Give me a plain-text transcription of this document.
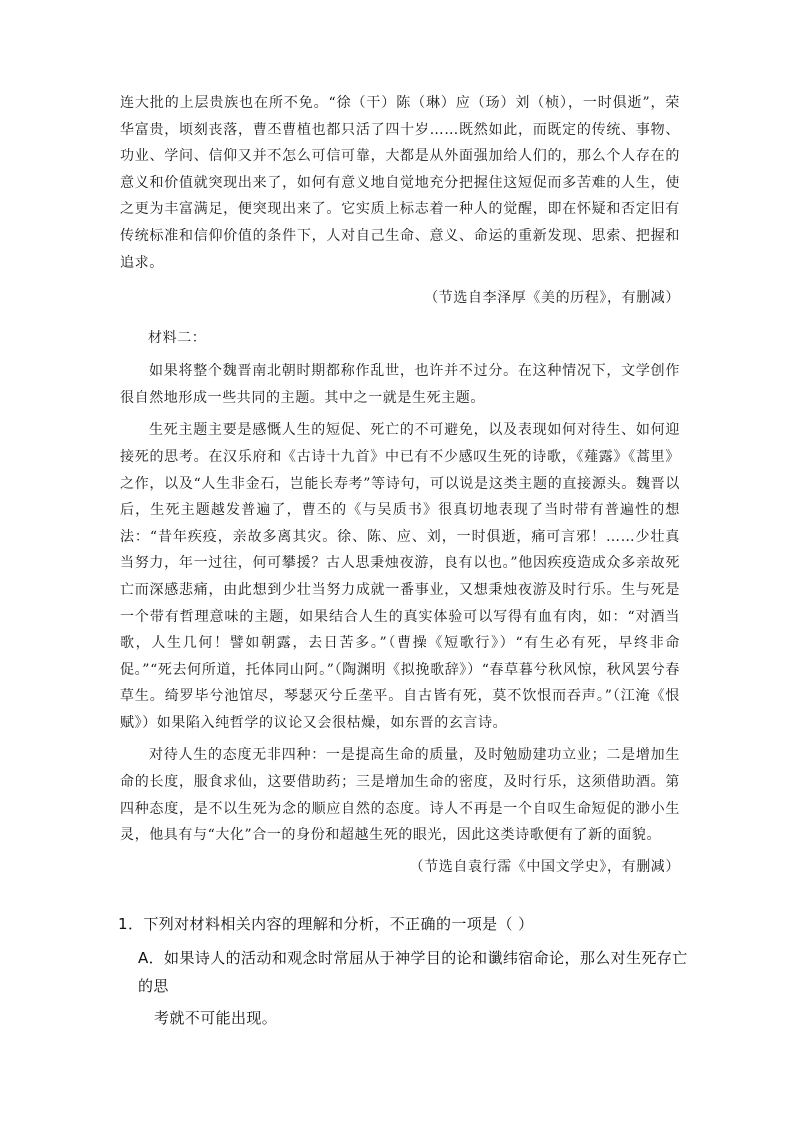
连大批的上层贵族也在所不免。“徐（干）陈（琳）应（玚）刘（桢），一时俱逝”，荣华富贵，顷刻丧落，曹丕曹植也都只活了四十岁……既然如此，而既定的传统、事物、功业、学问、信仰又并不怎么可信可靠，大都是从外面强加给人们的，那么个人存在的意义和价值就突现出来了，如何有意义地自觉地充分把握住这短促而多苦难的人生，使之更为丰富满足，便突现出来了。它实质上标志着一种人的觉醒，即在怀疑和否定旧有传统标准和信仰价值的条件下，人对自己生命、意义、命运的重新发现、思索、把握和追求。

（节选自李泽厚《美的历程》，有删减）

材料二：

如果将整个魏晋南北朝时期都称作乱世，也许并不过分。在这种情况下，文学创作很自然地形成一些共同的主题。其中之一就是生死主题。

生死主题主要是感慨人生的短促、死亡的不可避免，以及表现如何对待生、如何迎接死的思考。在汉乐府和《古诗十九首》中已有不少感叹生死的诗歌，《薤露》《蒿里》之作，以及“人生非金石，岂能长寿考”等诗句，可以说是这类主题的直接源头。魏晋以后，生死主题越发普遍了，曹丕的《与吴质书》很真切地表现了当时带有普遍性的想法：“昔年疾疫，亲故多离其灾。徐、陈、应、刘，一时俱逝，痛可言邪！……少壮真当努力，年一过往，何可攀援？古人思秉烛夜游，良有以也。”他因疾疫造成众多亲故死亡而深感悲痛，由此想到少壮当努力成就一番事业，又想秉烛夜游及时行乐。生与死是一个带有哲理意味的主题，如果结合人生的真实体验可以写得有血有肉，如：“对酒当歌，人生几何！譬如朝露，去日苦多。”（曹操《短歌行》）“有生必有死，早终非命促。”“死去何所道，托体同山阿。”（陶渊明《拟挽歌辞》）“春草暮兮秋风惊，秋风罢兮春草生。绮罗毕兮池馆尽，琴瑟灭兮丘垄平。自古皆有死，莫不饮恨而吞声。”（江淹《恨赋》）如果陷入纯哲学的议论又会很枯燥，如东晋的玄言诗。

对待人生的态度无非四种：一是提高生命的质量，及时勉励建功立业；二是增加生命的长度，服食求仙，这要借助药；三是增加生命的密度，及时行乐，这须借助酒。第四种态度，是不以生死为念的顺应自然的态度。诗人不再是一个自叹生命短促的渺小生灵，他具有与“大化”合一的身份和超越生死的眼光，因此这类诗歌便有了新的面貌。

（节选自袁行霈《中国文学史》，有删减）

1．下列对材料相关内容的理解和分析，不正确的一项是（ ）

A．如果诗人的活动和观念时常屈从于神学目的论和谶纬宿命论，那么对生死存亡的思

考就不可能出现。
